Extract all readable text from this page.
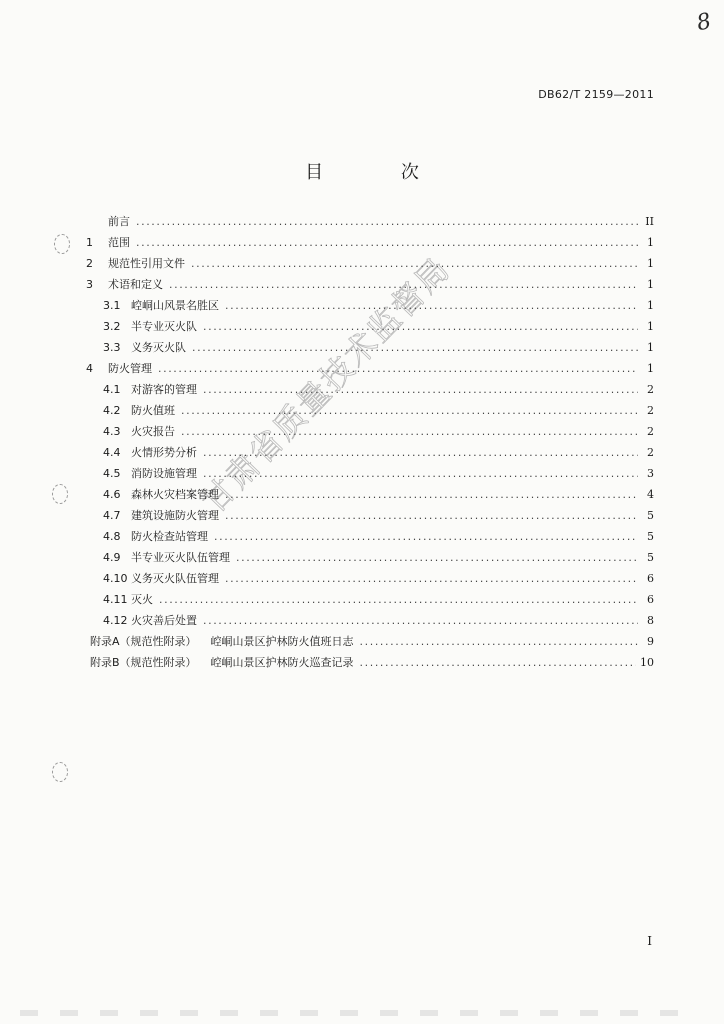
8
DB62/T 2159—2011
目 次
甘肃省质量技术监督局
前言 .....	II
1	范围 .....	1
2	规范性引用文件 .....	1
3	术语和定义 .....	1
3.1 崆峒山风景名胜区 .....	1
3.2 半专业灭火队 .....	1
3.3 义务灭火队 .....	1
4	防火管理 .....	1
4.1 对游客的管理 .....	2
4.2 防火值班 .....	2
4.3 火灾报告 .....	2
4.4 火情形势分析 .....	2
4.5 消防设施管理 .....	3
4.6 森林火灾档案管理 .....	4
4.7 建筑设施防火管理 .....	5
4.8 防火检查站管理 .....	5
4.9 半专业灭火队伍管理 .....	5
4.10 义务灭火队伍管理 .....	6
4.11 灭火 .....	6
4.12 火灾善后处置 .....	8
附录A（规范性附录） 崆峒山景区护林防火值班日志 .....	9
附录B（规范性附录） 崆峒山景区护林防火巡查记录 .....	10
I
